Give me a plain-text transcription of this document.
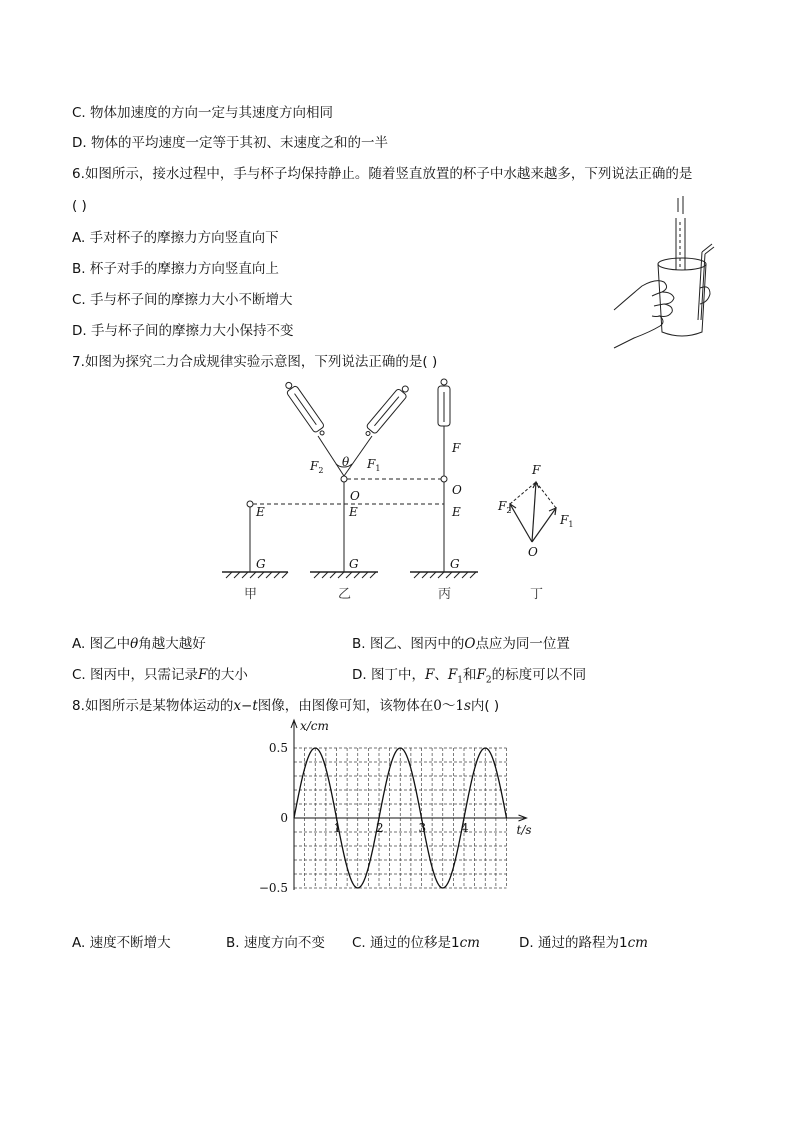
C. 物体加速度的方向一定与其速度方向相同
D. 物体的平均速度一定等于其初、末速度之和的一半
6.如图所示，接水过程中，手与杯子均保持静止。随着竖直放置的杯子中水越来越多，下列说法正确的是
( )
A. 手对杯子的摩擦力方向竖直向下
B. 杯子对手的摩擦力方向竖直向上
C. 手与杯子间的摩擦力大小不断增大
D. 手与杯子间的摩擦力大小保持不变
7.如图为探究二力合成规律实验示意图，下列说法正确的是( )
G
E
G
E
O
G
E
O
F
θ
$F_2$	$F_1$	F
$F_2$
$F_1$
O
甲	乙	丙	丁
A. 图乙中θ角越大越好	B. 图乙、图丙中的O点应为同一位置
C. 图丙中，只需记录F的大小	D. 图丁中，F、$F_1$和$F_2$的标度可以不同
8.如图所示是某物体运动的x−t图像，由图像可知，该物体在0～1s内( )
x/cm
t/s
1	2	3	4
0.5
0
−0.5
A. 速度不断增大	B. 速度方向不变 C. 通过的位移是1cm	D. 通过的路程为1cm
